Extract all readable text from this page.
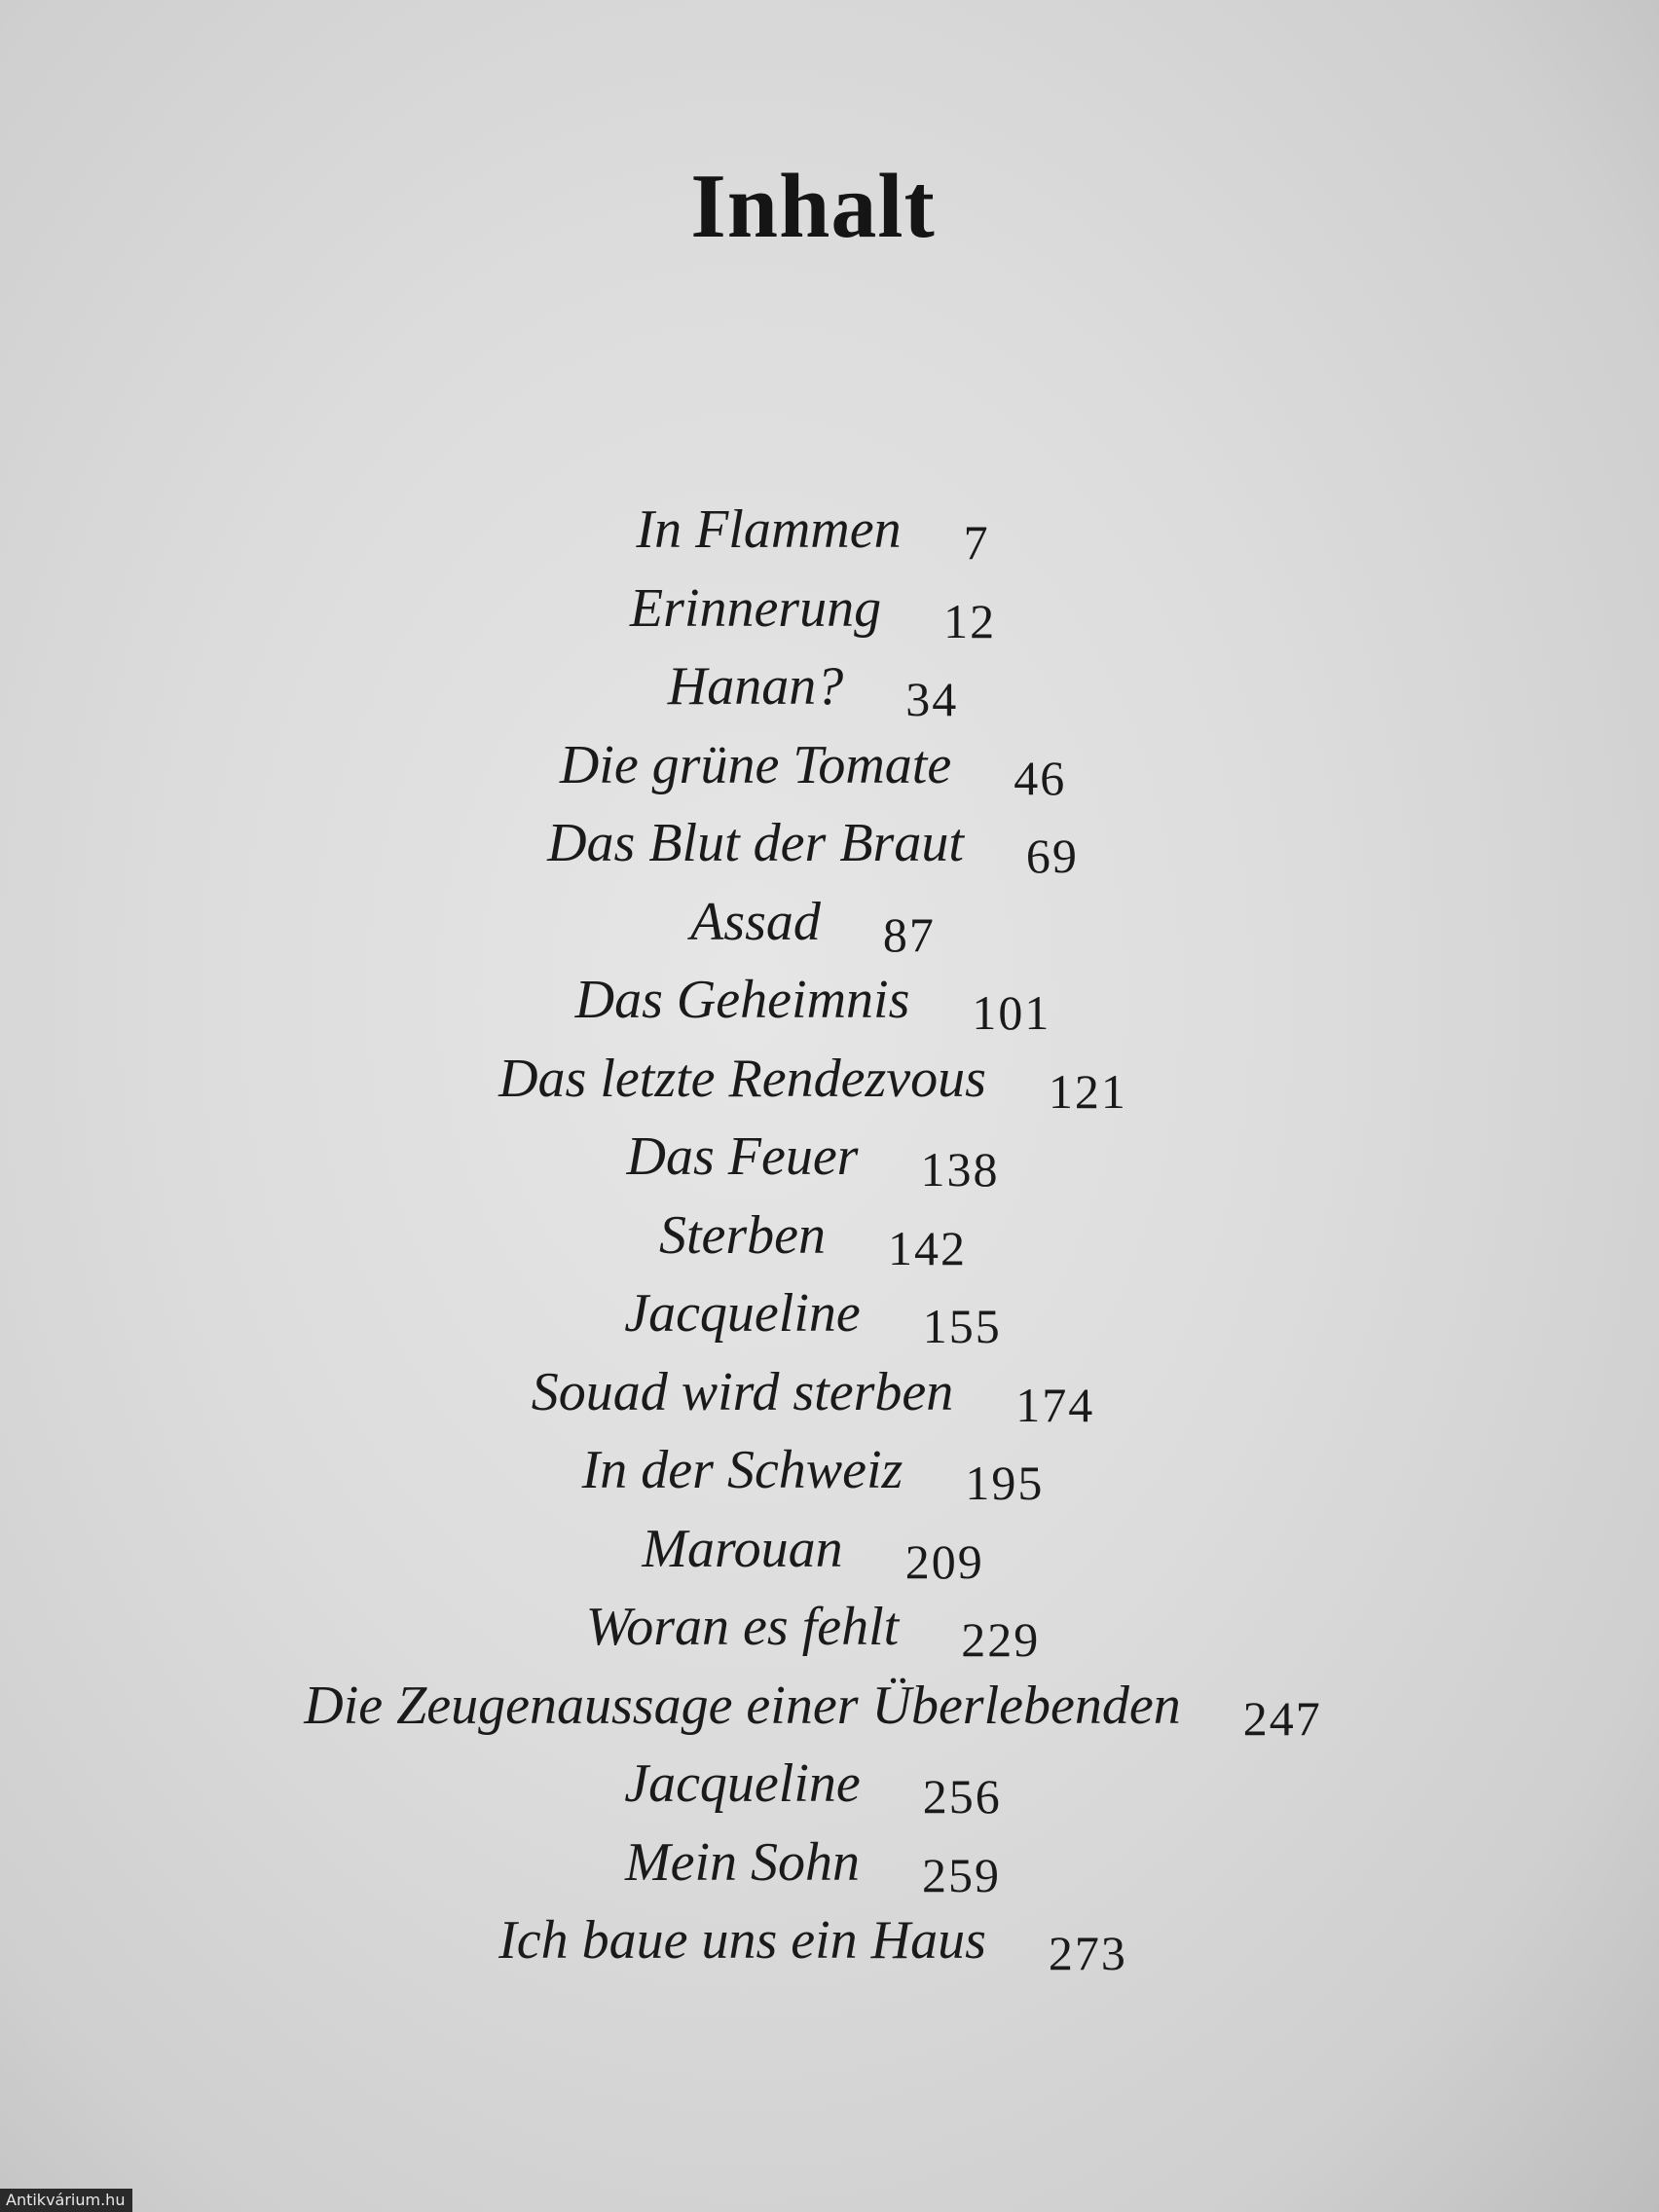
Inhalt
In Flammen 7
Erinnerung 12
Hanan? 34
Die grüne Tomate 46
Das Blut der Braut 69
Assad 87
Das Geheimnis 101
Das letzte Rendezvous 121
Das Feuer 138
Sterben 142
Jacqueline 155
Souad wird sterben 174
In der Schweiz 195
Marouan 209
Woran es fehlt 229
Die Zeugenaussage einer Überlebenden 247
Jacqueline 256
Mein Sohn 259
Ich baue uns ein Haus 273
Antikvárium.hu
